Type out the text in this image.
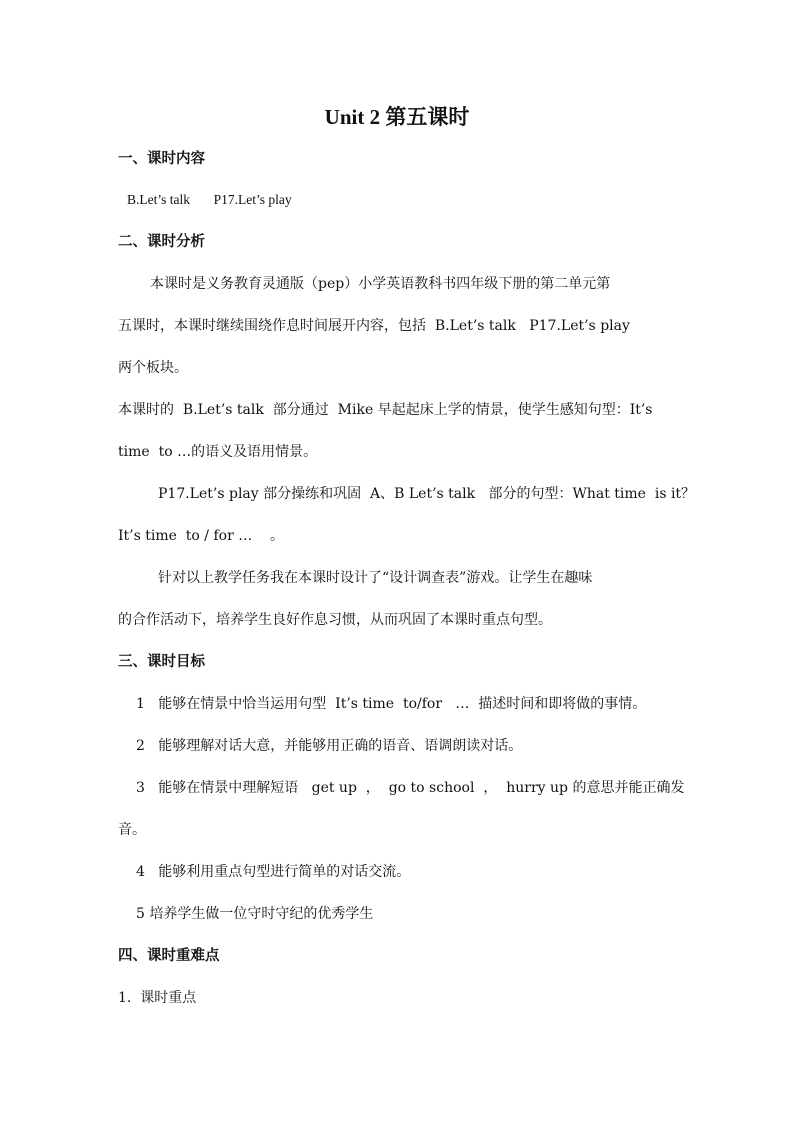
Unit 2 第五课时
一、课时内容
B.Let’s talk       P17.Let’s play
二、课时分析
本课时是义务教育灵通版（pep）小学英语教科书四年级下册的第二单元第
五课时，本课时继续围绕作息时间展开内容，包括  B.Let’s talk   P17.Let’s play
两个板块。
本课时的  B.Let’s talk  部分通过  Mike 早起起床上学的情景，使学生感知句型：It’s
time  to …的语义及语用情景。
P17.Let’s play 部分操练和巩固  A、B Let’s talk   部分的句型：What time  is it？
It’s time  to / for …    。
针对以上教学任务我在本课时设计了“设计调查表”游戏。让学生在趣味
的合作活动下，培养学生良好作息习惯，从而巩固了本课时重点句型。
三、课时目标
1   能够在情景中恰当运用句型  It’s time  to/for   …  描述时间和即将做的事情。
2   能够理解对话大意，并能够用正确的语音、语调朗读对话。
3   能够在情景中理解短语   get up  ，  go to school  ，  hurry up 的意思并能正确发
音。
4   能够利用重点句型进行简单的对话交流。
5 培养学生做一位守时守纪的优秀学生
四、课时重难点
1.  课时重点
